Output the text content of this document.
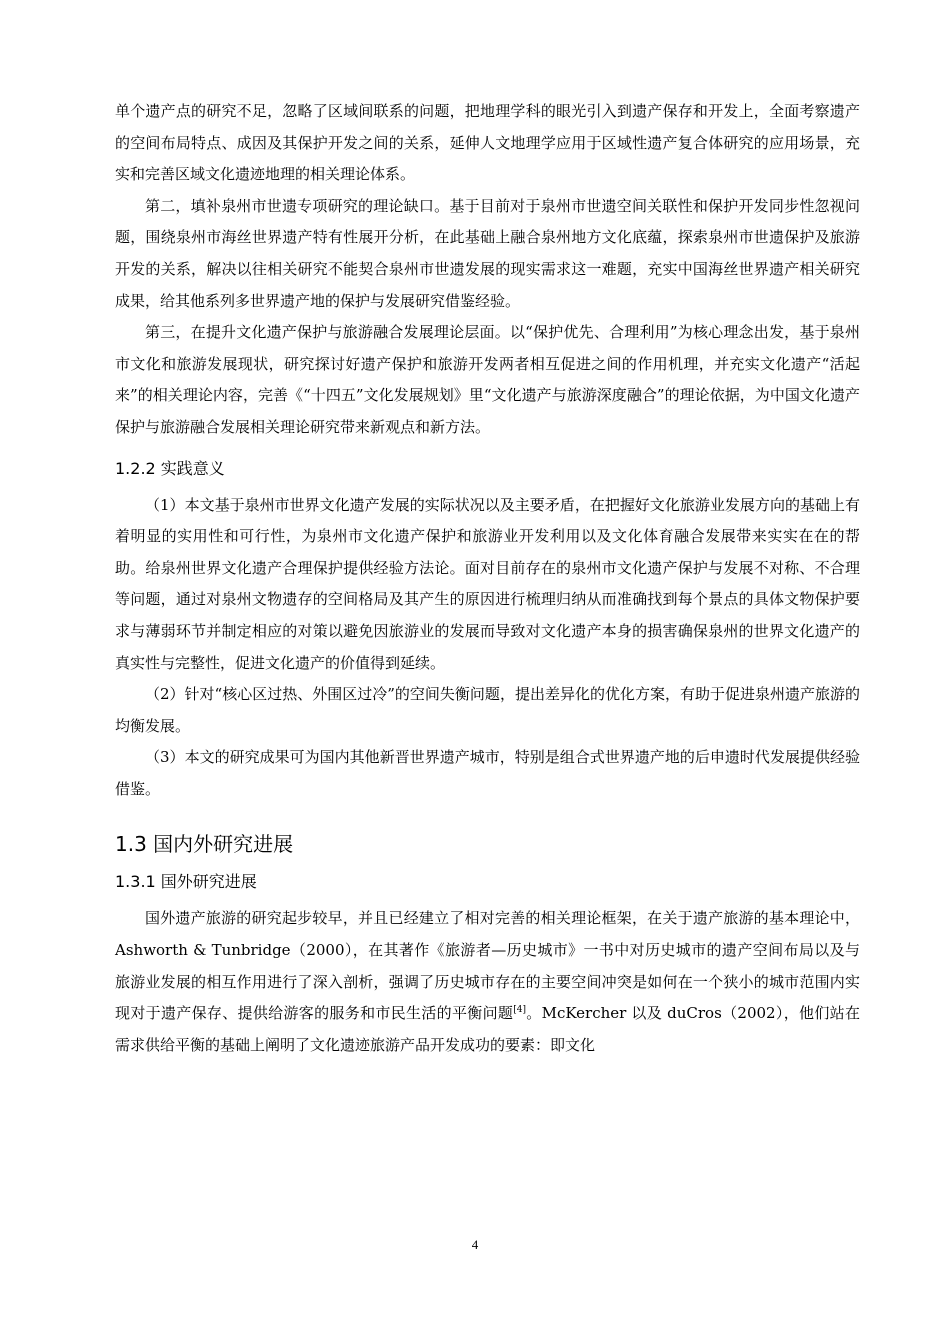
单个遗产点的研究不足，忽略了区域间联系的问题，把地理学科的眼光引入到遗产保存和开发上，全面考察遗产的空间布局特点、成因及其保护开发之间的关系，延伸人文地理学应用于区域性遗产复合体研究的应用场景，充实和完善区域文化遗迹地理的相关理论体系。

第二，填补泉州市世遗专项研究的理论缺口。基于目前对于泉州市世遗空间关联性和保护开发同步性忽视问题，围绕泉州市海丝世界遗产特有性展开分析，在此基础上融合泉州地方文化底蕴，探索泉州市世遗保护及旅游开发的关系，解决以往相关研究不能契合泉州市世遗发展的现实需求这一难题，充实中国海丝世界遗产相关研究成果，给其他系列多世界遗产地的保护与发展研究借鉴经验。

第三，在提升文化遗产保护与旅游融合发展理论层面。以“保护优先、合理利用”为核心理念出发，基于泉州市文化和旅游发展现状，研究探讨好遗产保护和旅游开发两者相互促进之间的作用机理，并充实文化遗产“活起来”的相关理论内容，完善《“十四五”文化发展规划》里“文化遗产与旅游深度融合”的理论依据，为中国文化遗产保护与旅游融合发展相关理论研究带来新观点和新方法。

1.2.2 实践意义

（1）本文基于泉州市世界文化遗产发展的实际状况以及主要矛盾，在把握好文化旅游业发展方向的基础上有着明显的实用性和可行性，为泉州市文化遗产保护和旅游业开发利用以及文化体育融合发展带来实实在在的帮助。给泉州世界文化遗产合理保护提供经验方法论。面对目前存在的泉州市文化遗产保护与发展不对称、不合理等问题，通过对泉州文物遗存的空间格局及其产生的原因进行梳理归纳从而准确找到每个景点的具体文物保护要求与薄弱环节并制定相应的对策以避免因旅游业的发展而导致对文化遗产本身的损害确保泉州的世界文化遗产的真实性与完整性，促进文化遗产的价值得到延续。

（2）针对“核心区过热、外围区过冷”的空间失衡问题，提出差异化的优化方案，有助于促进泉州遗产旅游的均衡发展。

（3）本文的研究成果可为国内其他新晋世界遗产城市，特别是组合式世界遗产地的后申遗时代发展提供经验借鉴。

1.3 国内外研究进展
1.3.1 国外研究进展

国外遗产旅游的研究起步较早，并且已经建立了相对完善的相关理论框架，在关于遗产旅游的基本理论中，Ashworth & Tunbridge（2000），在其著作《旅游者—历史城市》一书中对历史城市的遗产空间布局以及与旅游业发展的相互作用进行了深入剖析，强调了历史城市存在的主要空间冲突是如何在一个狭小的城市范围内实现对于遗产保存、提供给游客的服务和市民生活的平衡问题[4]。McKercher 以及 duCros（2002），他们站在需求供给平衡的基础上阐明了文化遗迹旅游产品开发成功的要素：即文化

4
